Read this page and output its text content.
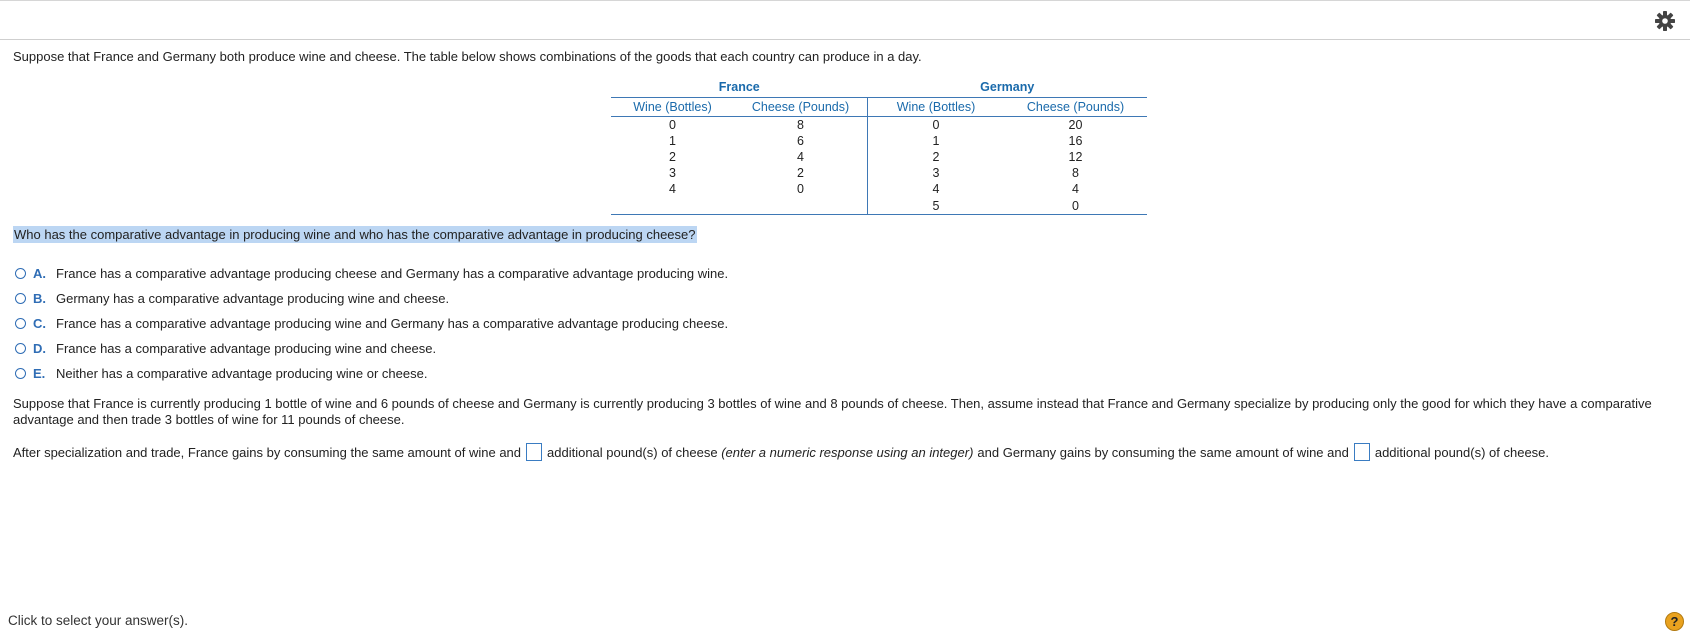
Suppose that France and Germany both produce wine and cheese. The table below shows combinations of the goods that each country can produce in a day.
France		Germany	
Wine (Bottles)	Cheese (Pounds)	Wine (Bottles)	Cheese (Pounds)
0	8	0	20
1	6	1	16
2	4	2	12
3	2	3	8
4	0	4	4
		5	0
Who has the comparative advantage in producing wine and who has the comparative advantage in producing cheese?
A. France has a comparative advantage producing cheese and Germany has a comparative advantage producing wine.
B. Germany has a comparative advantage producing wine and cheese.
C. France has a comparative advantage producing wine and Germany has a comparative advantage producing cheese.
D. France has a comparative advantage producing wine and cheese.
E. Neither has a comparative advantage producing wine or cheese.
Suppose that France is currently producing 1 bottle of wine and 6 pounds of cheese and Germany is currently producing 3 bottles of wine and 8 pounds of cheese. Then, assume instead that France and Germany specialize by producing only the good for which they have a comparative advantage and then trade 3 bottles of wine for 11 pounds of cheese.
After specialization and trade, France gains by consuming the same amount of wine and additional pound(s) of cheese
(enter a numeric response using an integer) and Germany gains by consuming the same amount of wine and additional pound(s) of cheese.
Click to select your answer(s).	?
